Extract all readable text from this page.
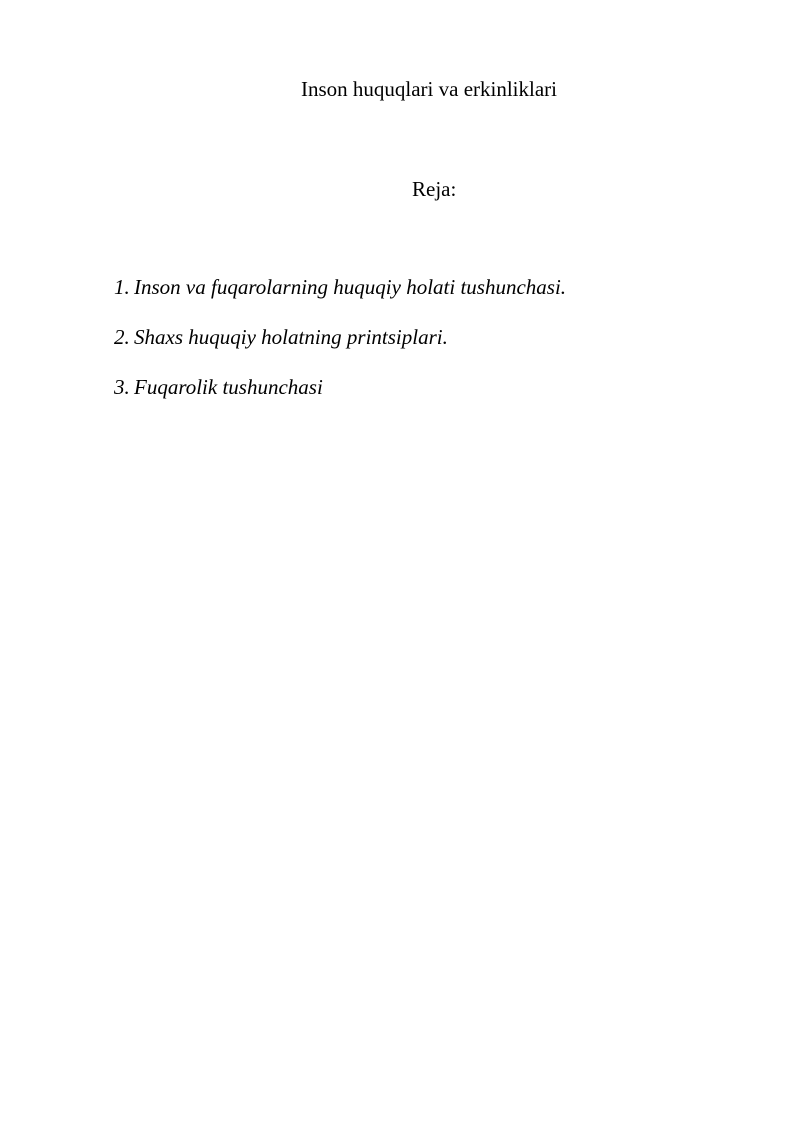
Inson huquqlari va erkinliklari
Reja:
1. Inson va fuqarolarning huquqiy holati tushunchasi.
2. Shaxs huquqiy holatning printsiplari.
3. Fuqarolik tushunchasi
